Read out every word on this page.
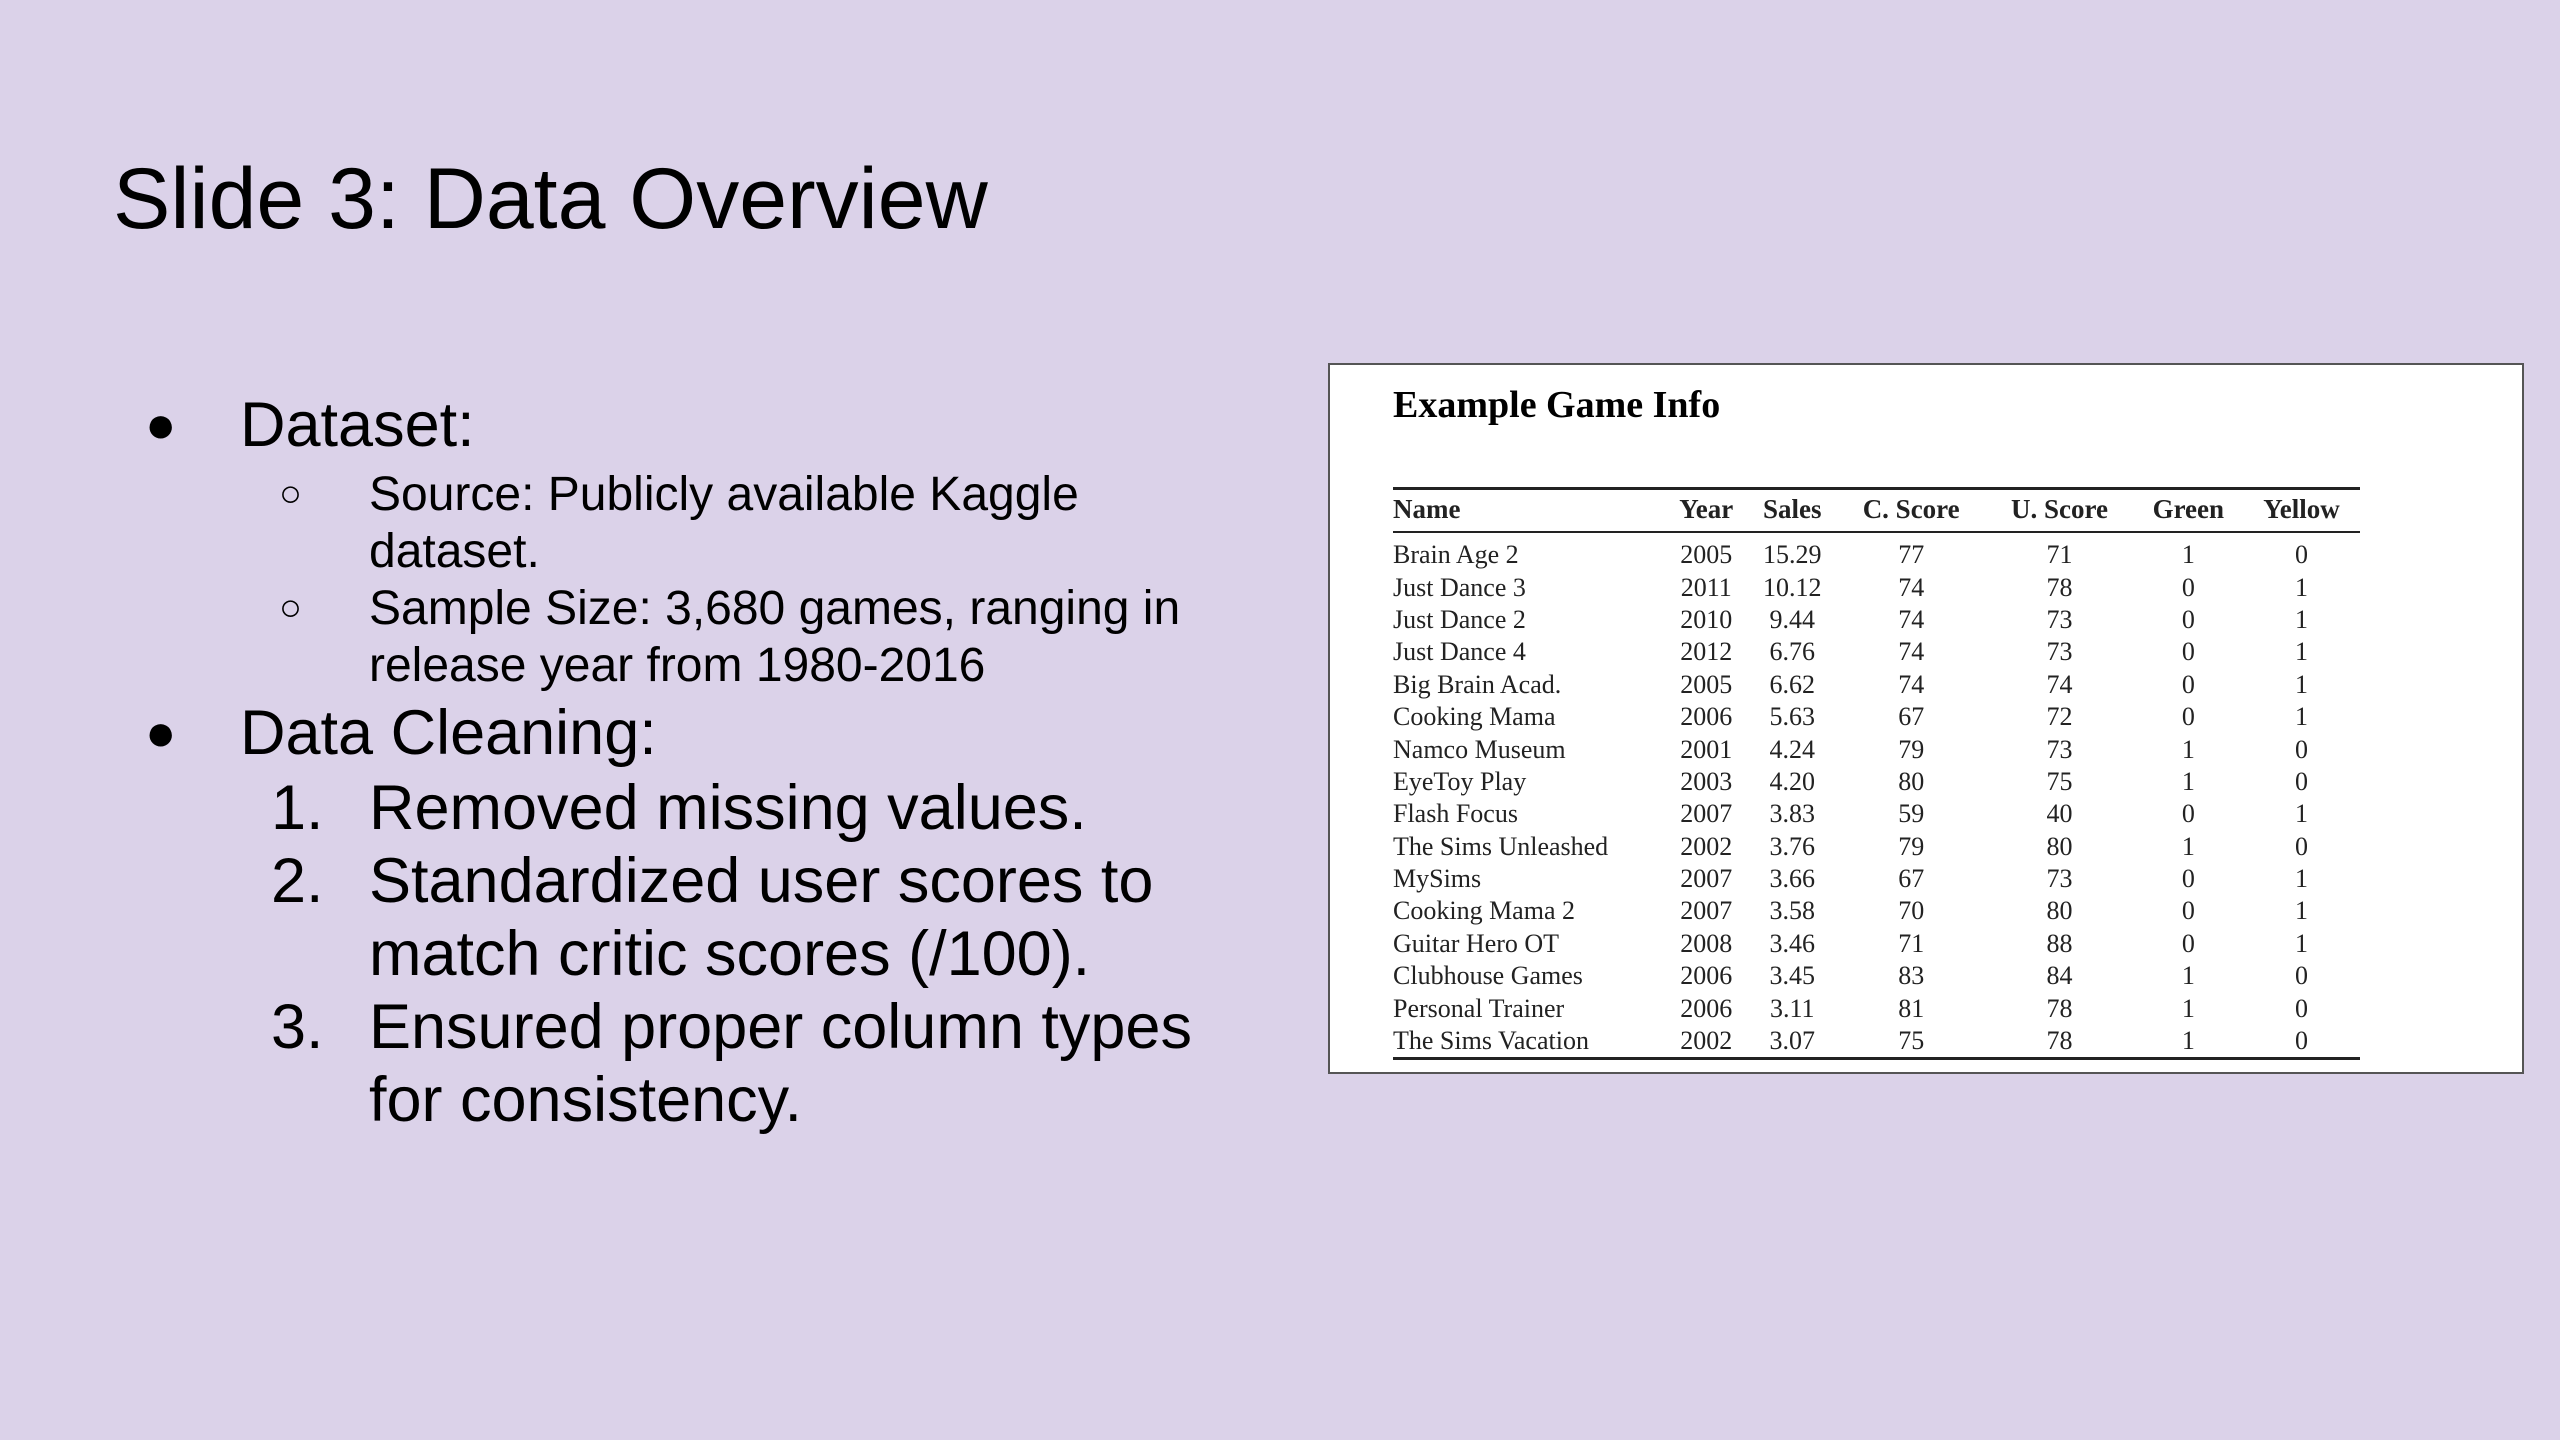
Slide 3: Data Overview
● Dataset:
○ Source: Publicly available Kaggle dataset.
○ Sample Size: 3,680 games, ranging in release year from 1980-2016
● Data Cleaning:
1. Removed missing values.
2. Standardized user scores to match critic scores (/100).
3. Ensured proper column types for consistency.
Example Game Info
Name	Year	Sales	C. Score	U. Score	Green	Yellow
Brain Age 2	2005	15.29	77	71	1	0
Just Dance 3	2011	10.12	74	78	0	1
Just Dance 2	2010	9.44	74	73	0	1
Just Dance 4	2012	6.76	74	73	0	1
Big Brain Acad.	2005	6.62	74	74	0	1
Cooking Mama	2006	5.63	67	72	0	1
Namco Museum	2001	4.24	79	73	1	0
EyeToy Play	2003	4.20	80	75	1	0
Flash Focus	2007	3.83	59	40	0	1
The Sims Unleashed	2002	3.76	79	80	1	0
MySims	2007	3.66	67	73	0	1
Cooking Mama 2	2007	3.58	70	80	0	1
Guitar Hero OT	2008	3.46	71	88	0	1
Clubhouse Games	2006	3.45	83	84	1	0
Personal Trainer	2006	3.11	81	78	1	0
The Sims Vacation	2002	3.07	75	78	1	0
